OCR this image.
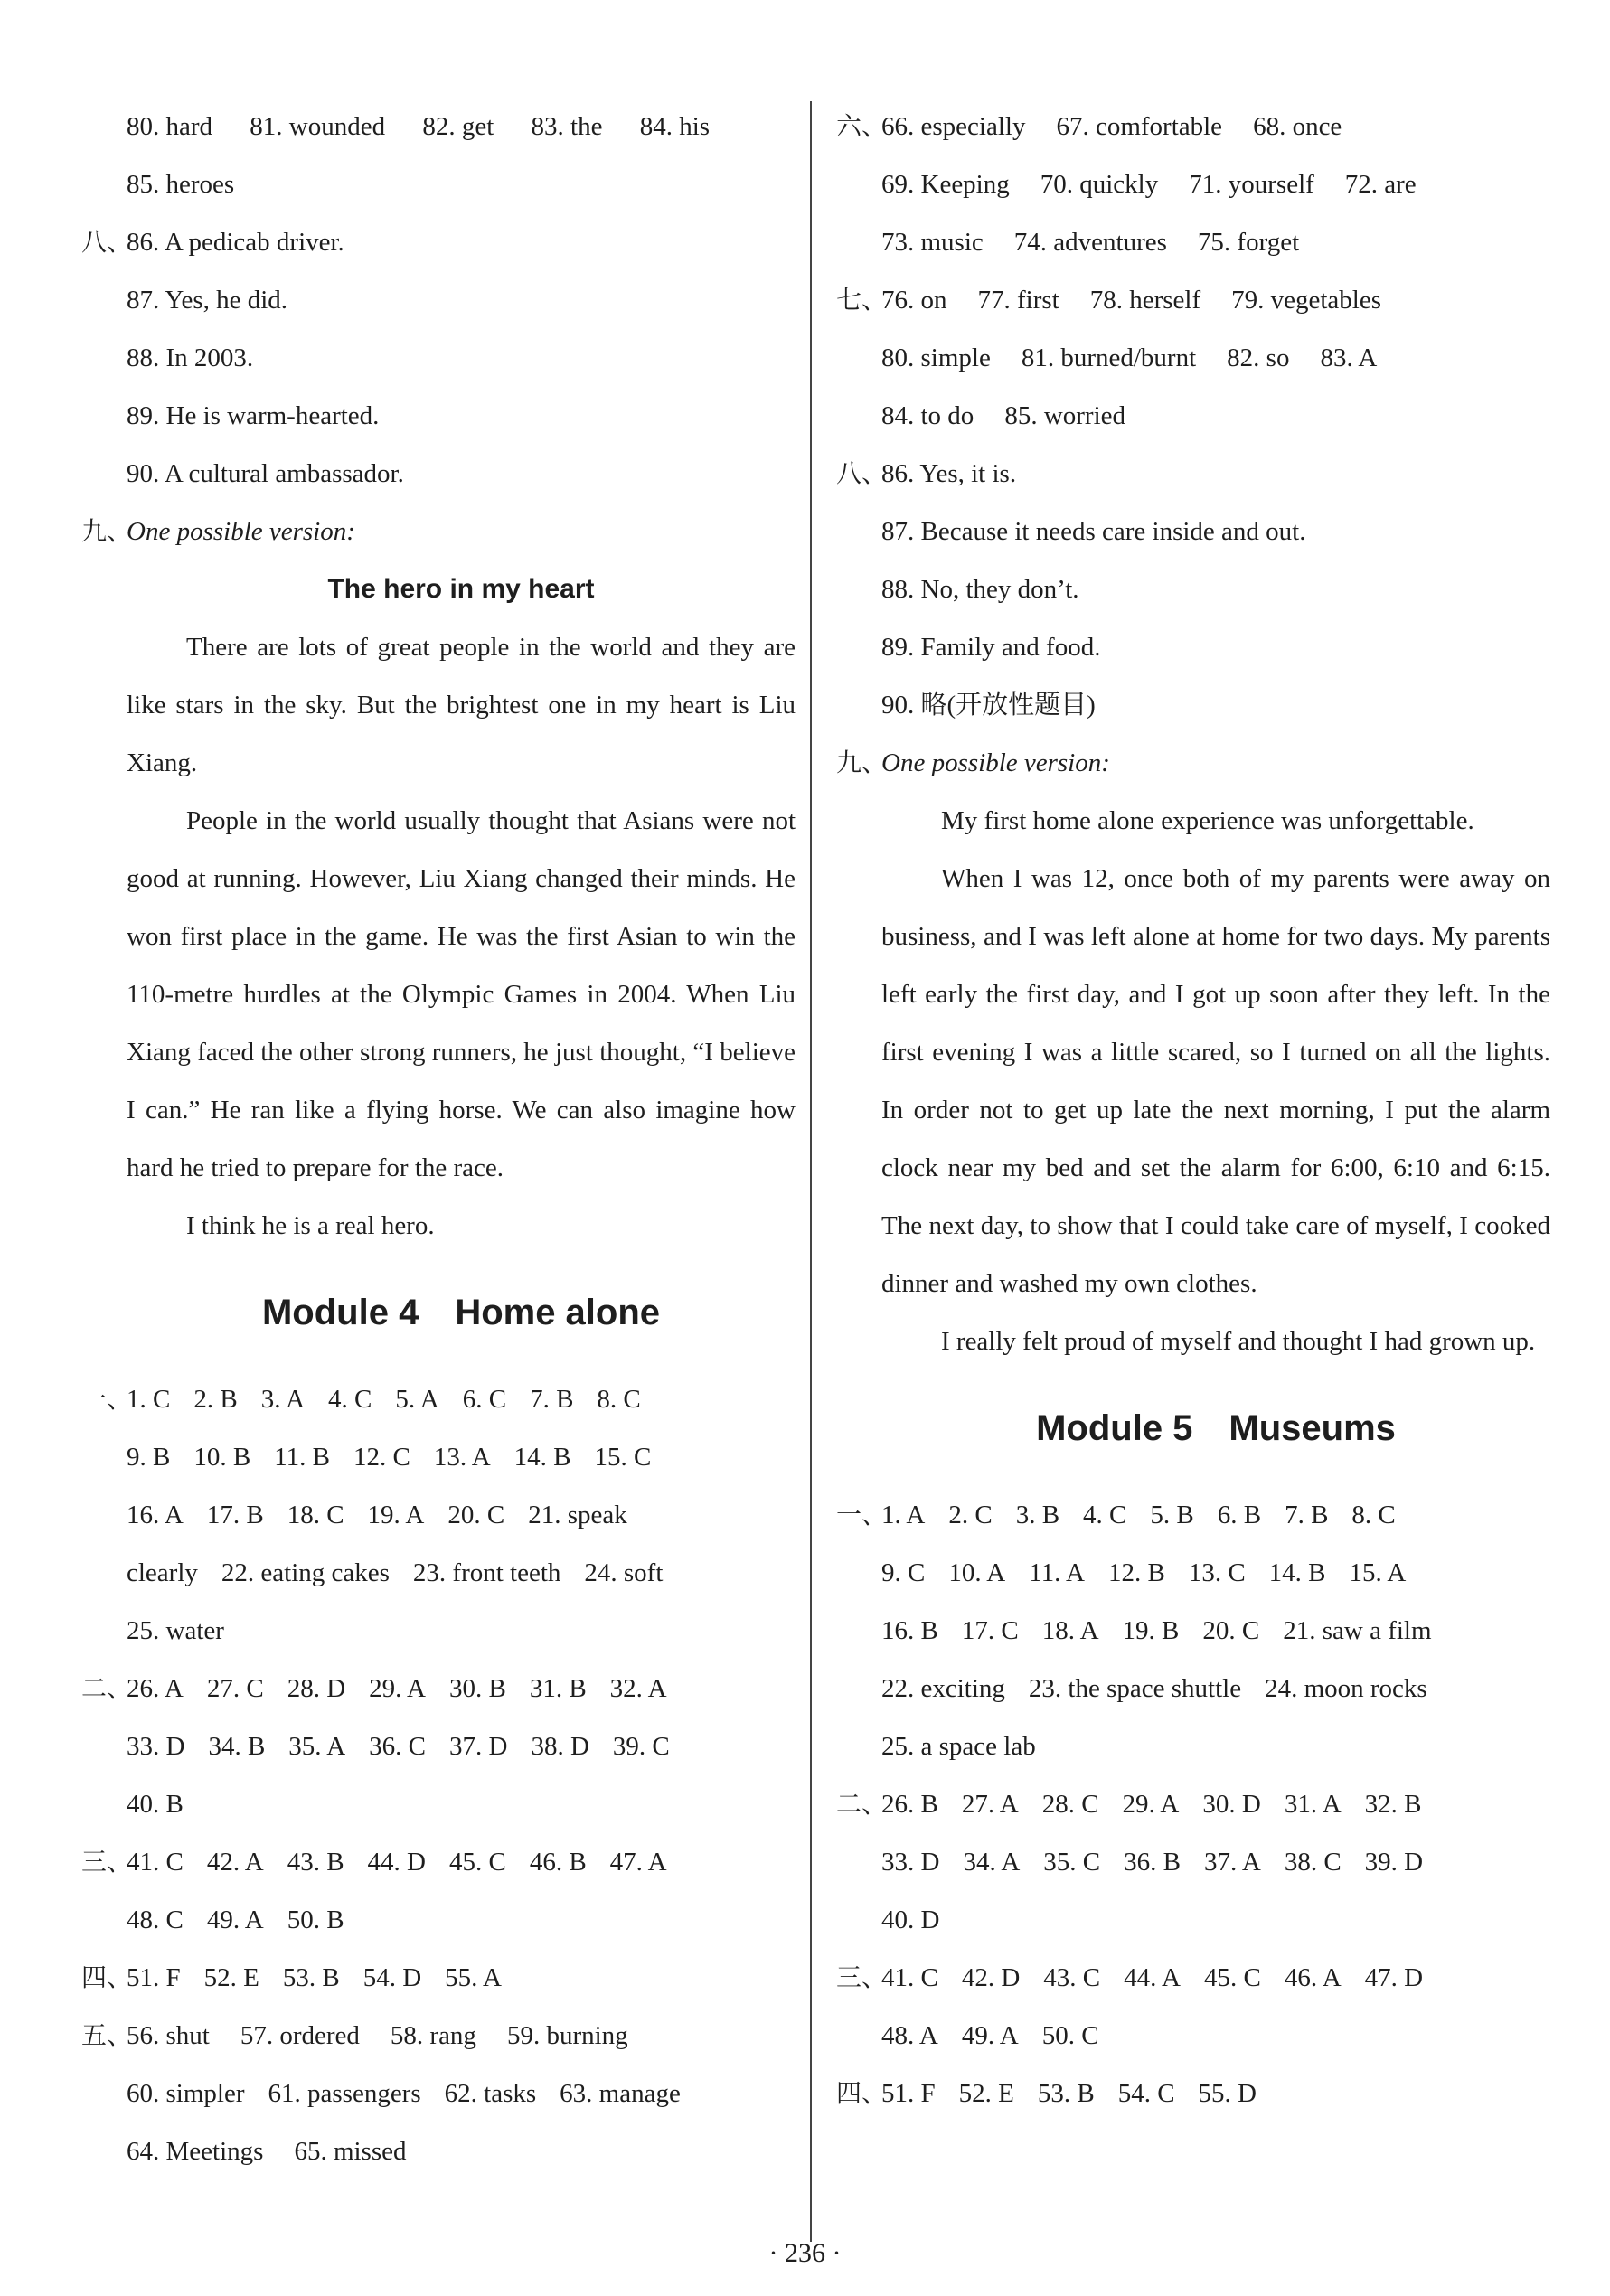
80. hard 81. wounded 82. get 83. the 84. his
85. heroes
八、
86. A pedicab driver.
87. Yes, he did.
88. In 2003.
89. He is warm-hearted.
90. A cultural ambassador.
九、
One possible version:
The hero in my heart

There are lots of great people in the world and they are like stars in the sky. But the brightest one in my heart is Liu Xiang.

People in the world usually thought that Asians were not good at running. However, Liu Xiang changed their minds. He won first place in the game. He was the first Asian to win the 110-metre hurdles at the Olympic Games in 2004. When Liu Xiang faced the other strong runners, he just thought, “I believe I can.” He ran like a flying horse. We can also imagine how hard he tried to prepare for the race.

I think he is a real hero.

Module 4 Home alone
一、
1. C 2. B 3. A 4. C 5. A 6. C 7. B 8. C
9. B 10. B 11. B 12. C 13. A 14. B 15. C
16. A 17. B 18. C 19. A 20. C 21. speak
clearly 22. eating cakes 23. front teeth 24. soft
25. water
二、
26. A 27. C 28. D 29. A 30. B 31. B 32. A
33. D 34. B 35. A 36. C 37. D 38. D 39. C
40. B
三、
41. C 42. A 43. B 44. D 45. C 46. B 47. A
48. C 49. A 50. B
四、
51. F 52. E 53. B 54. D 55. A
五、
56. shut 57. ordered 58. rang 59. burning
60. simpler 61. passengers 62. tasks 63. manage
64. Meetings 65. missed
六、
66. especially 67. comfortable 68. once
69. Keeping 70. quickly 71. yourself 72. are
73. music 74. adventures 75. forget
七、
76. on 77. first 78. herself 79. vegetables
80. simple 81. burned/burnt 82. so 83. A
84. to do 85. worried
八、
86. Yes, it is.
87. Because it needs care inside and out.
88. No, they don’t.
89. Family and food.
90. 略(开放性题目)
九、
One possible version:

My first home alone experience was unforgettable.

When I was 12, once both of my parents were away on business, and I was left alone at home for two days. My parents left early the first day, and I got up soon after they left. In the first evening I was a little scared, so I turned on all the lights. In order not to get up late the next morning, I put the alarm clock near my bed and set the alarm for 6:00, 6:10 and 6:15. The next day, to show that I could take care of myself, I cooked dinner and washed my own clothes.

I really felt proud of myself and thought I had grown up.

Module 5 Museums
一、
1. A 2. C 3. B 4. C 5. B 6. B 7. B 8. C
9. C 10. A 11. A 12. B 13. C 14. B 15. A
16. B 17. C 18. A 19. B 20. C 21. saw a film
22. exciting 23. the space shuttle 24. moon rocks
25. a space lab
二、
26. B 27. A 28. C 29. A 30. D 31. A 32. B
33. D 34. A 35. C 36. B 37. A 38. C 39. D
40. D
三、
41. C 42. D 43. C 44. A 45. C 46. A 47. D
48. A 49. A 50. C
四、
51. F 52. E 53. B 54. C 55. D
· 236 ·
